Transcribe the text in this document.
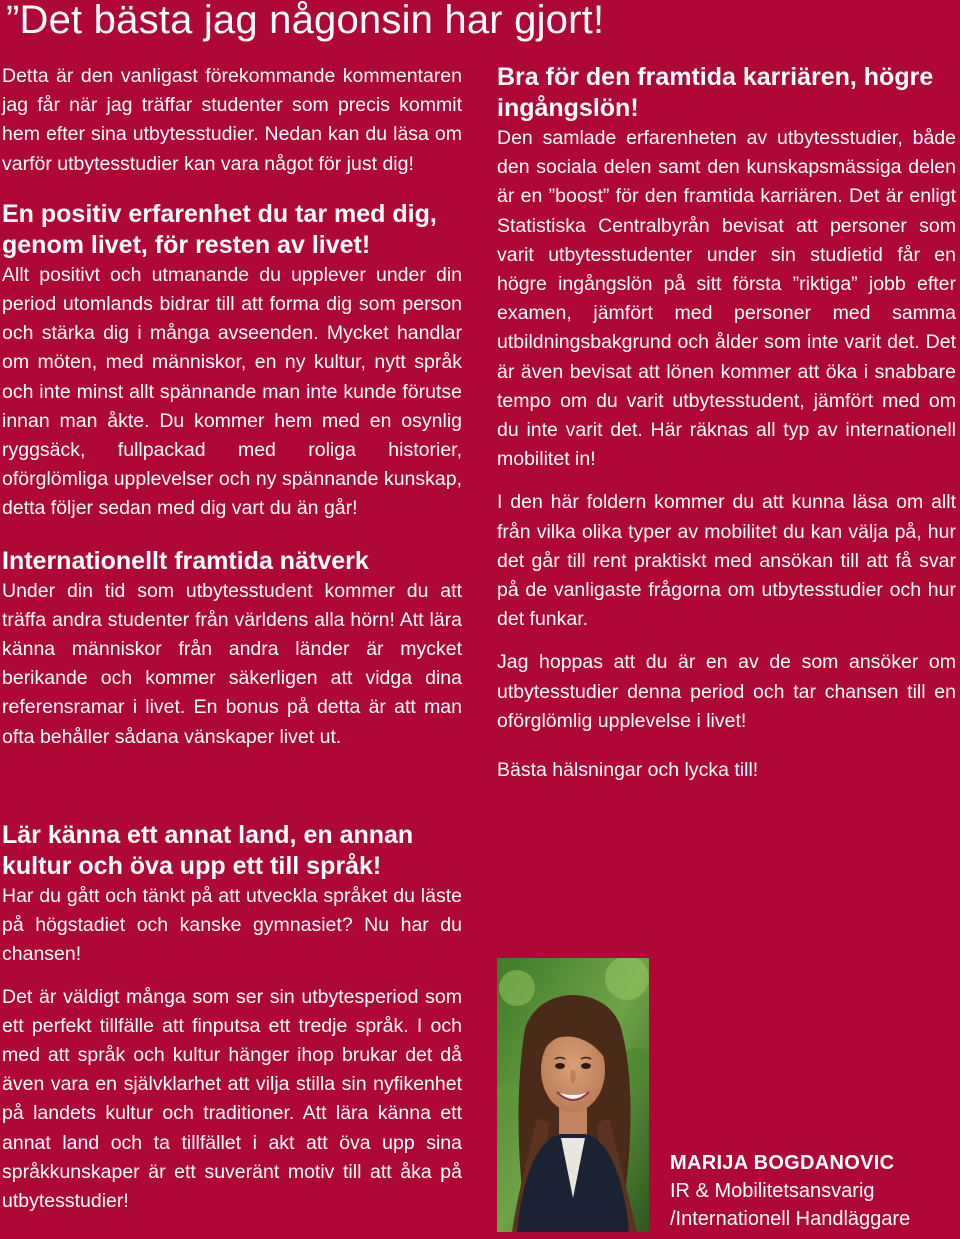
”Det bästa jag någonsin har gjort!

Detta är den vanligast förekommande kommentaren jag får när jag träffar studenter som precis kommit hem efter sina utbytesstudier. Nedan kan du läsa om varför utbytesstudier kan vara något för just dig!

En positiv erfarenhet du tar med dig, genom livet, för resten av livet!

Allt positivt och utmanande du upplever under din period utomlands bidrar till att forma dig som person och stärka dig i många avseenden. Mycket handlar om möten, med människor, en ny kultur, nytt språk och inte minst allt spännande man inte kunde förutse innan man åkte. Du kommer hem med en osynlig ryggsäck, fullpackad med roliga historier, oförglömliga upplevelser och ny spännande kunskap, detta följer sedan med dig vart du än går!

Internationellt framtida nätverk

Under din tid som utbytesstudent kommer du att träffa andra studenter från världens alla hörn! Att lära känna människor från andra länder är mycket berikande och kommer säkerligen att vidga dina referensramar i livet. En bonus på detta är att man ofta behåller sådana vänskaper livet ut.

Lär känna ett annat land, en annan kultur och öva upp ett till språk!

Har du gått och tänkt på att utveckla språket du läste på högstadiet och kanske gymnasiet? Nu har du chansen!

Det är väldigt många som ser sin utbytesperiod som ett perfekt tillfälle att finputsa ett tredje språk. I och med att språk och kultur hänger ihop brukar det då även vara en självklarhet att vilja stilla sin nyfikenhet på landets kultur och traditioner. Att lära känna ett annat land och ta tillfället i akt att öva upp sina språkkunskaper är ett suveränt motiv till att åka på utbytesstudier!

Bra för den framtida karriären, högre ingångslön!

Den samlade erfarenheten av utbytesstudier, både den sociala delen samt den kunskapsmässiga delen är en ”boost” för den framtida karriären. Det är enligt Statistiska Centralbyrån bevisat att personer som varit utbytesstudenter under sin studietid får en högre ingångslön på sitt första ”riktiga” jobb efter examen, jämfört med personer med samma utbildningsbakgrund och ålder som inte varit det. Det är även bevisat att lönen kommer att öka i snabbare tempo om du varit utbytesstudent, jämfört med om du inte varit det. Här räknas all typ av internationell mobilitet in!

I den här foldern kommer du att kunna läsa om allt från vilka olika typer av mobilitet du kan välja på, hur det går till rent praktiskt med ansökan till att få svar på de vanligaste frågorna om utbytesstudier och hur det funkar.

Jag hoppas att du är en av de som ansöker om utbytesstudier denna period och tar chansen till en oförglömlig upplevelse i livet!

Bästa hälsningar och lycka till!

MARIJA BOGDANOVIC
IR & Mobilitetsansvarig
/Internationell Handläggare
